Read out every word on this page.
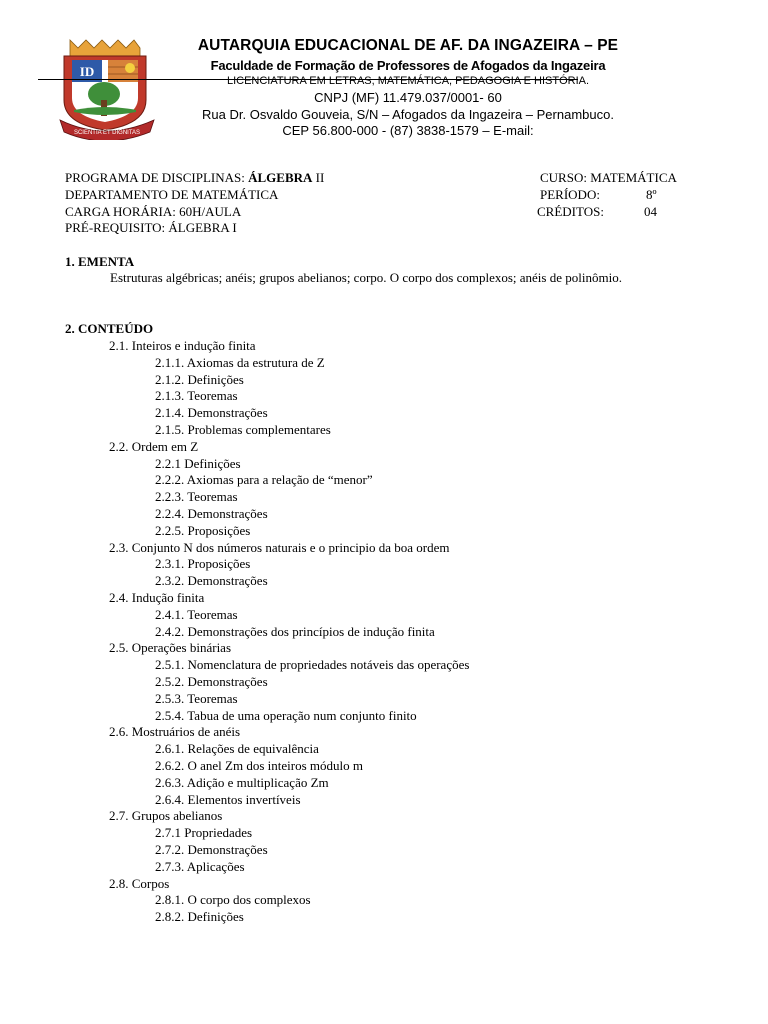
ID
SCIENTIA ET DIGNITAS
AUTARQUIA EDUCACIONAL DE AF. DA INGAZEIRA – PE
Faculdade de Formação de Professores de Afogados da Ingazeira
LICENCIATURA EM LETRAS, MATEMÁTICA, PEDAGOGIA E HISTÓRIA.
CNPJ (MF) 11.479.037/0001- 60
Rua Dr. Osvaldo Gouveia, S/N – Afogados da Ingazeira – Pernambuco.
CEP 56.800-000 - (87) 3838-1579 – E-mail:
PROGRAMA DE DISCIPLINAS: ÁLGEBRA II
DEPARTAMENTO DE MATEMÁTICA
CARGA HORÁRIA: 60H/AULA
PRÉ-REQUISITO: ÁLGEBRA I
CURSO: MATEMÁTICA
PERÍODO:	8º
CRÉDITOS:	04
1. EMENTA
Estruturas algébricas; anéis; grupos abelianos; corpo. O corpo dos complexos; anéis de polinômio.
2. CONTEÚDO
2.1. Inteiros e indução finita
2.1.1. Axiomas da estrutura de Z
2.1.2. Definições
2.1.3. Teoremas
2.1.4. Demonstrações
2.1.5. Problemas complementares
2.2. Ordem em Z
2.2.1 Definições
2.2.2. Axiomas para a relação de “menor”
2.2.3. Teoremas
2.2.4. Demonstrações
2.2.5. Proposições
2.3. Conjunto N dos números naturais e o principio da boa ordem
2.3.1. Proposições
2.3.2. Demonstrações
2.4. Indução finita
2.4.1. Teoremas
2.4.2. Demonstrações dos princípios de indução finita
2.5. Operações binárias
2.5.1. Nomenclatura de propriedades notáveis das operações
2.5.2. Demonstrações
2.5.3. Teoremas
2.5.4. Tabua de uma operação num conjunto finito
2.6. Mostruários de anéis
2.6.1. Relações de equivalência
2.6.2. O anel Zm dos inteiros módulo m
2.6.3. Adição e multiplicação Zm
2.6.4. Elementos invertíveis
2.7. Grupos abelianos
2.7.1 Propriedades
2.7.2. Demonstrações
2.7.3. Aplicações
2.8. Corpos
2.8.1. O corpo dos complexos
2.8.2. Definições
